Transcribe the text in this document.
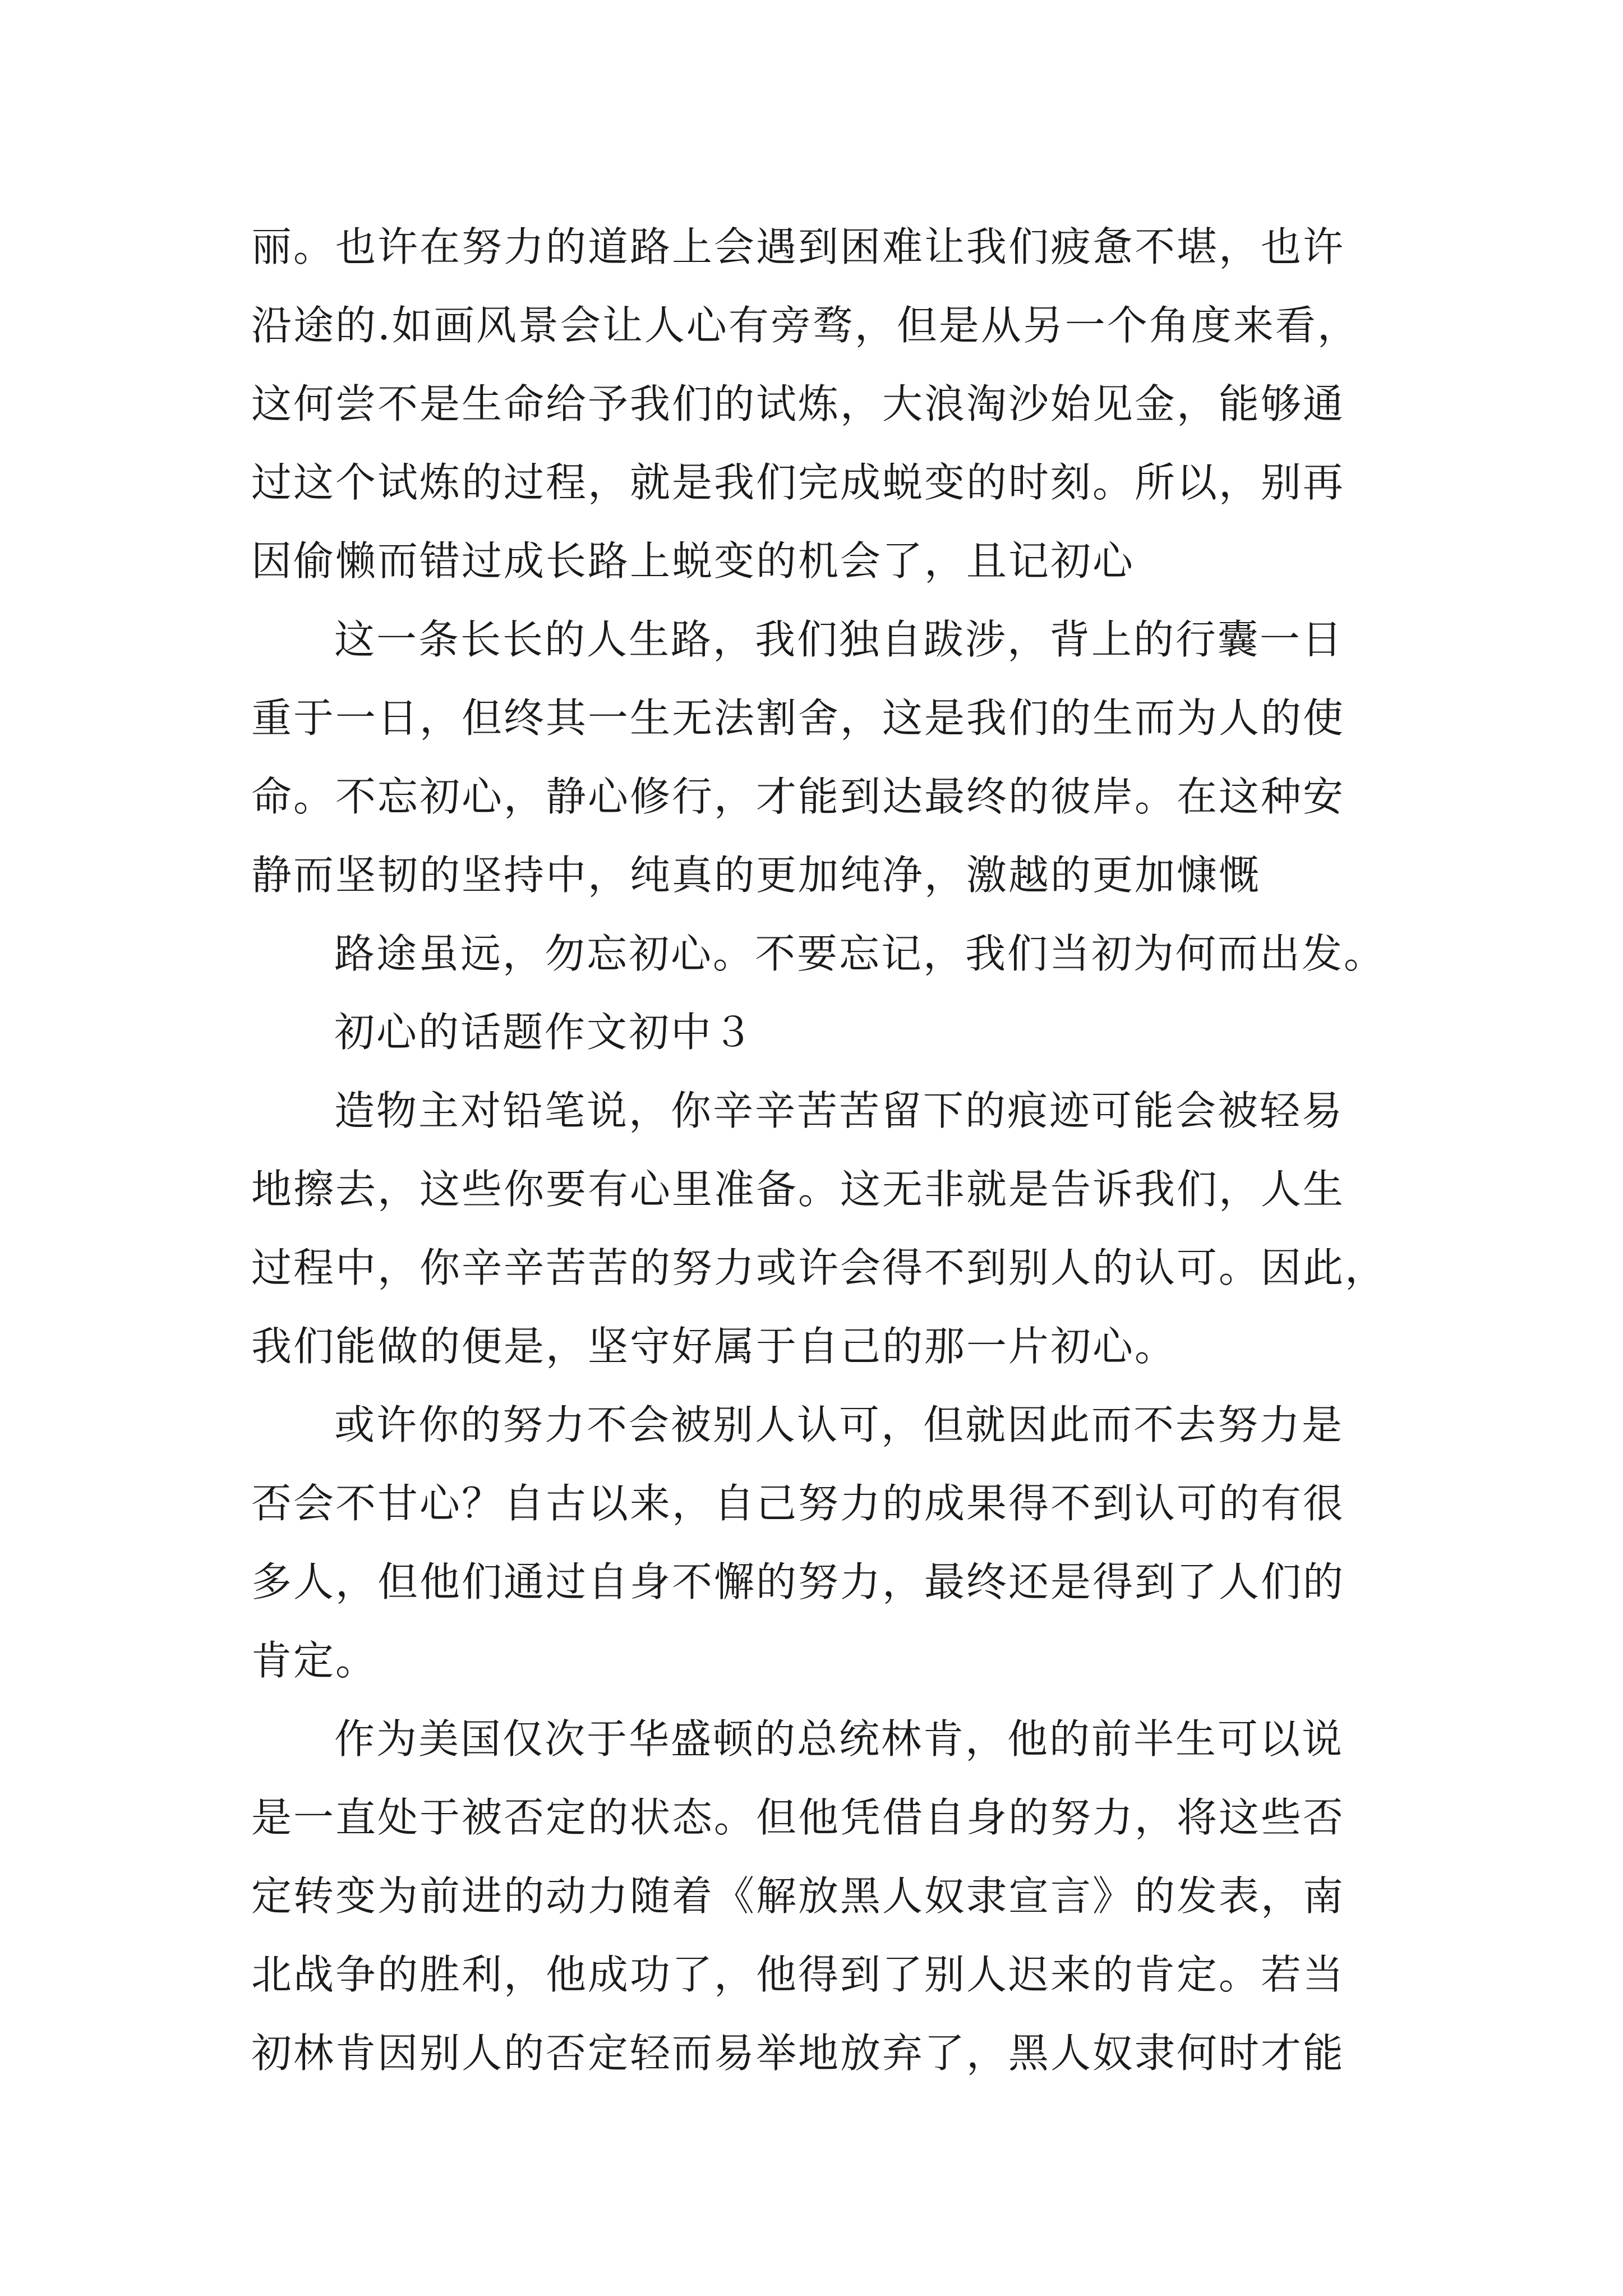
丽。也许在努力的道路上会遇到困难让我们疲惫不堪，也许
沿途的.如画风景会让人心有旁骛，但是从另一个角度来看，
这何尝不是生命给予我们的试炼，大浪淘沙始见金，能够通
过这个试炼的过程，就是我们完成蜕变的时刻。所以，别再
因偷懒而错过成长路上蜕变的机会了，且记初心
这一条长长的人生路，我们独自跋涉，背上的行囊一日
重于一日，但终其一生无法割舍，这是我们的生而为人的使
命。不忘初心，静心修行，才能到达最终的彼岸。在这种安
静而坚韧的坚持中，纯真的更加纯净，激越的更加慷慨
路途虽远，勿忘初心。不要忘记，我们当初为何而出发。
初心的话题作文初中３
造物主对铅笔说，你辛辛苦苦留下的痕迹可能会被轻易
地擦去，这些你要有心里准备。这无非就是告诉我们，人生
过程中，你辛辛苦苦的努力或许会得不到别人的认可。因此，
我们能做的便是，坚守好属于自己的那一片初心。
或许你的努力不会被别人认可，但就因此而不去努力是
否会不甘心？自古以来，自己努力的成果得不到认可的有很
多人，但他们通过自身不懈的努力，最终还是得到了人们的
肯定。
作为美国仅次于华盛顿的总统林肯，他的前半生可以说
是一直处于被否定的状态。但他凭借自身的努力，将这些否
定转变为前进的动力随着《解放黑人奴隶宣言》的发表，南
北战争的胜利，他成功了，他得到了别人迟来的肯定。若当
初林肯因别人的否定轻而易举地放弃了，黑人奴隶何时才能
